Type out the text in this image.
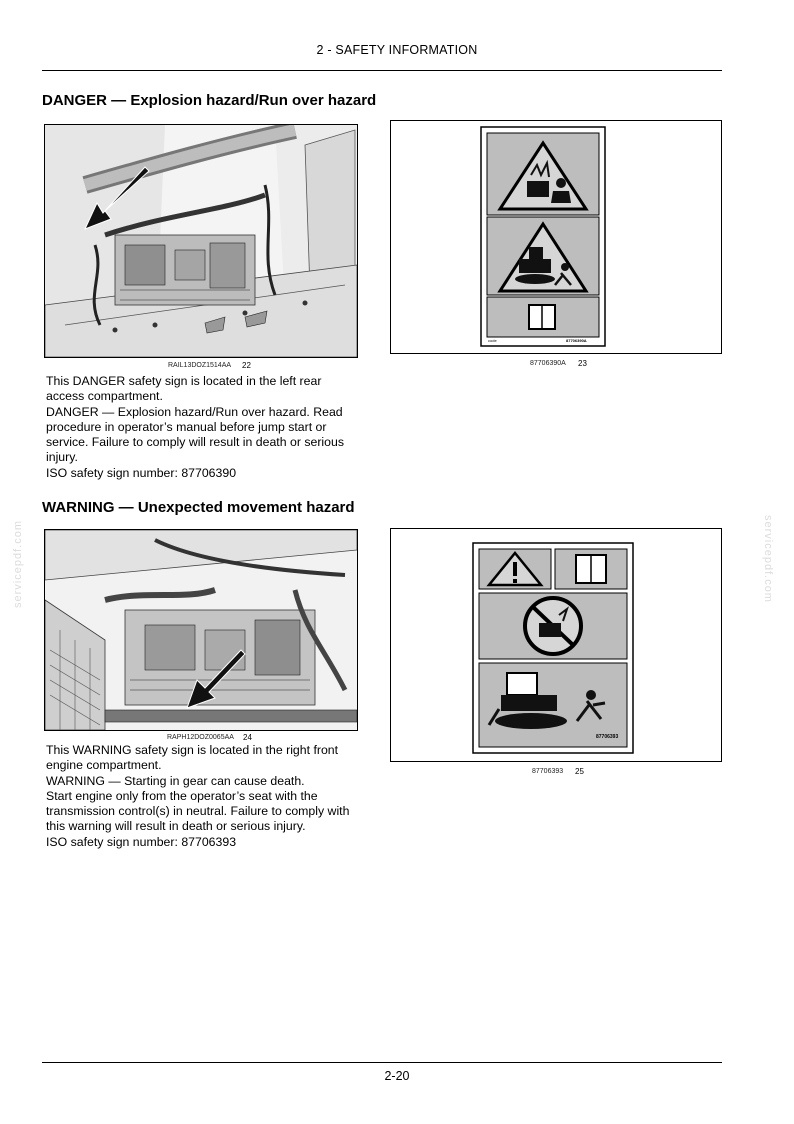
2 - SAFETY INFORMATION
servicepdf.com	servicepdf.com
DANGER — Explosion hazard/Run over hazard
RAIL13DOZ1514AA 22
code	87706390A
87706390A 23

This DANGER safety sign is located in the left rear

access compartment.

DANGER — Explosion hazard/Run over hazard. Read

procedure in operator’s manual before jump start or

service. Failure to comply will result in death or serious

injury.

ISO safety sign number: 87706390

WARNING — Unexpected movement hazard
RAPH12DOZ0065AA 24	87706393
87706393 25

This WARNING safety sign is located in the right front

engine compartment.

WARNING — Starting in gear can cause death.

Start engine only from the operator’s seat with the

transmission control(s) in neutral. Failure to comply with

this warning will result in death or serious injury.

ISO safety sign number: 87706393

2-20
